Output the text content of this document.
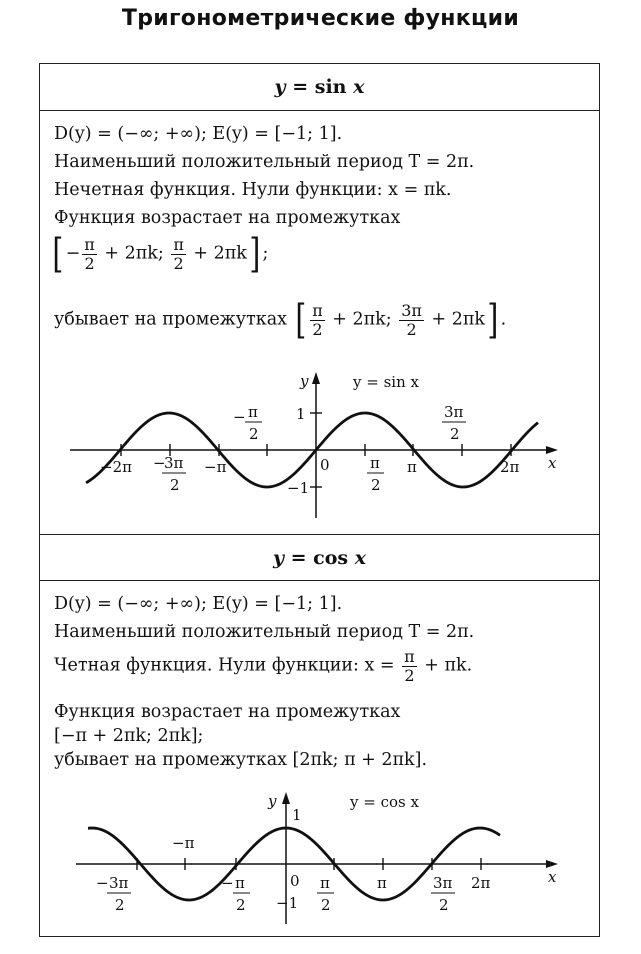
Тригонометрические функции
y = sin x
D(y) = (−∞; +∞); E(y) = [−1; 1].
Наименьший положительный период T = 2π.
Нечетная функция. Нули функции: x = πk.
Функция возрастает на промежутках
[ − $\frac{\pi}{2} + 2\pi k$; $\frac{\pi}{2} + 2\pi k$] ;
убывает на промежутках [ $\frac{\pi}{2} + 2\pi k$; $\frac{3\pi}{2} + 2\pi k$] .
y
x
y = sin x
1
−1
0
−2π	−π	π	2π
−
3π
2
− π
2
π
2
3π
2
y = cos x
D(y) = (−∞; +∞); E(y) = [−1; 1].
Наименьший положительный период T = 2π.
Четная функция. Нули функции: $x = \frac{\pi}{2} + \pi k$.
Функция возрастает на промежутках
[−π + 2πk; 2πk];
убывает на промежутках [2πk; π + 2πk].
y
x
y = cos x
1
−1
0
−π
π	2π
− 3π
2
− π
2
π
2
3π
2
